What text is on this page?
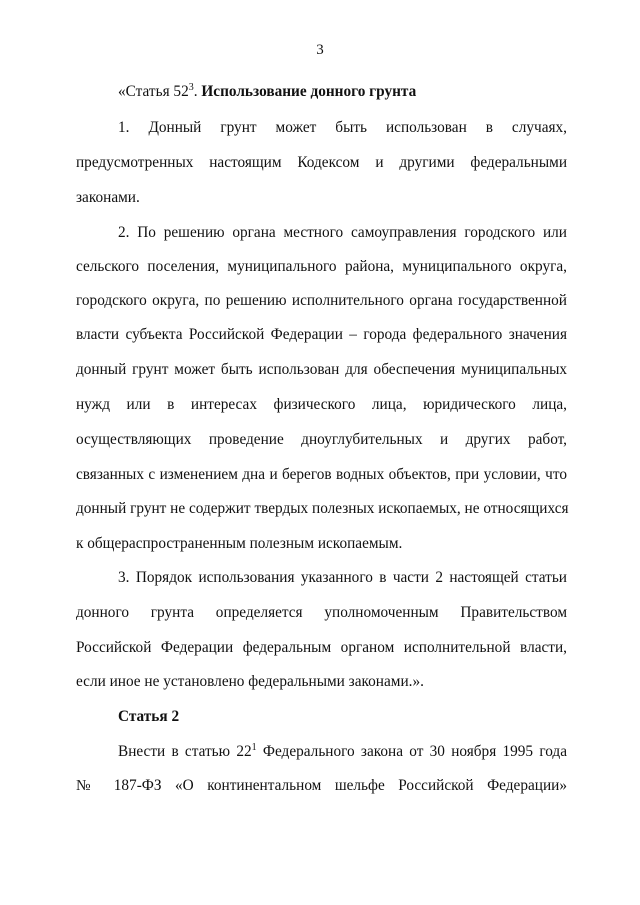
3
«Статья $52^3$. Использование донного грунта
1. Донный грунт может быть использован в случаях,
предусмотренных настоящим Кодексом и другими федеральными
законами.
2. По решению органа местного самоуправления городского или
сельского поселения, муниципального района, муниципального округа,
городского округа, по решению исполнительного органа государственной
власти субъекта Российской Федерации – города федерального значения
донный грунт может быть использован для обеспечения муниципальных
нужд или в интересах физического лица, юридического лица,
осуществляющих проведение дноуглубительных и других работ,
связанных с изменением дна и берегов водных объектов, при условии, что
донный грунт не содержит твердых полезных ископаемых, не относящихся
к общераспространенным полезным ископаемым.
3. Порядок использования указанного в части 2 настоящей статьи
донного грунта определяется уполномоченным Правительством
Российской Федерации федеральным органом исполнительной власти,
если иное не установлено федеральными законами.».
Статья 2
Внести в статью $22^1$ Федерального закона от 30 ноября 1995 года
№ 187-ФЗ «О континентальном шельфе Российской Федерации»
